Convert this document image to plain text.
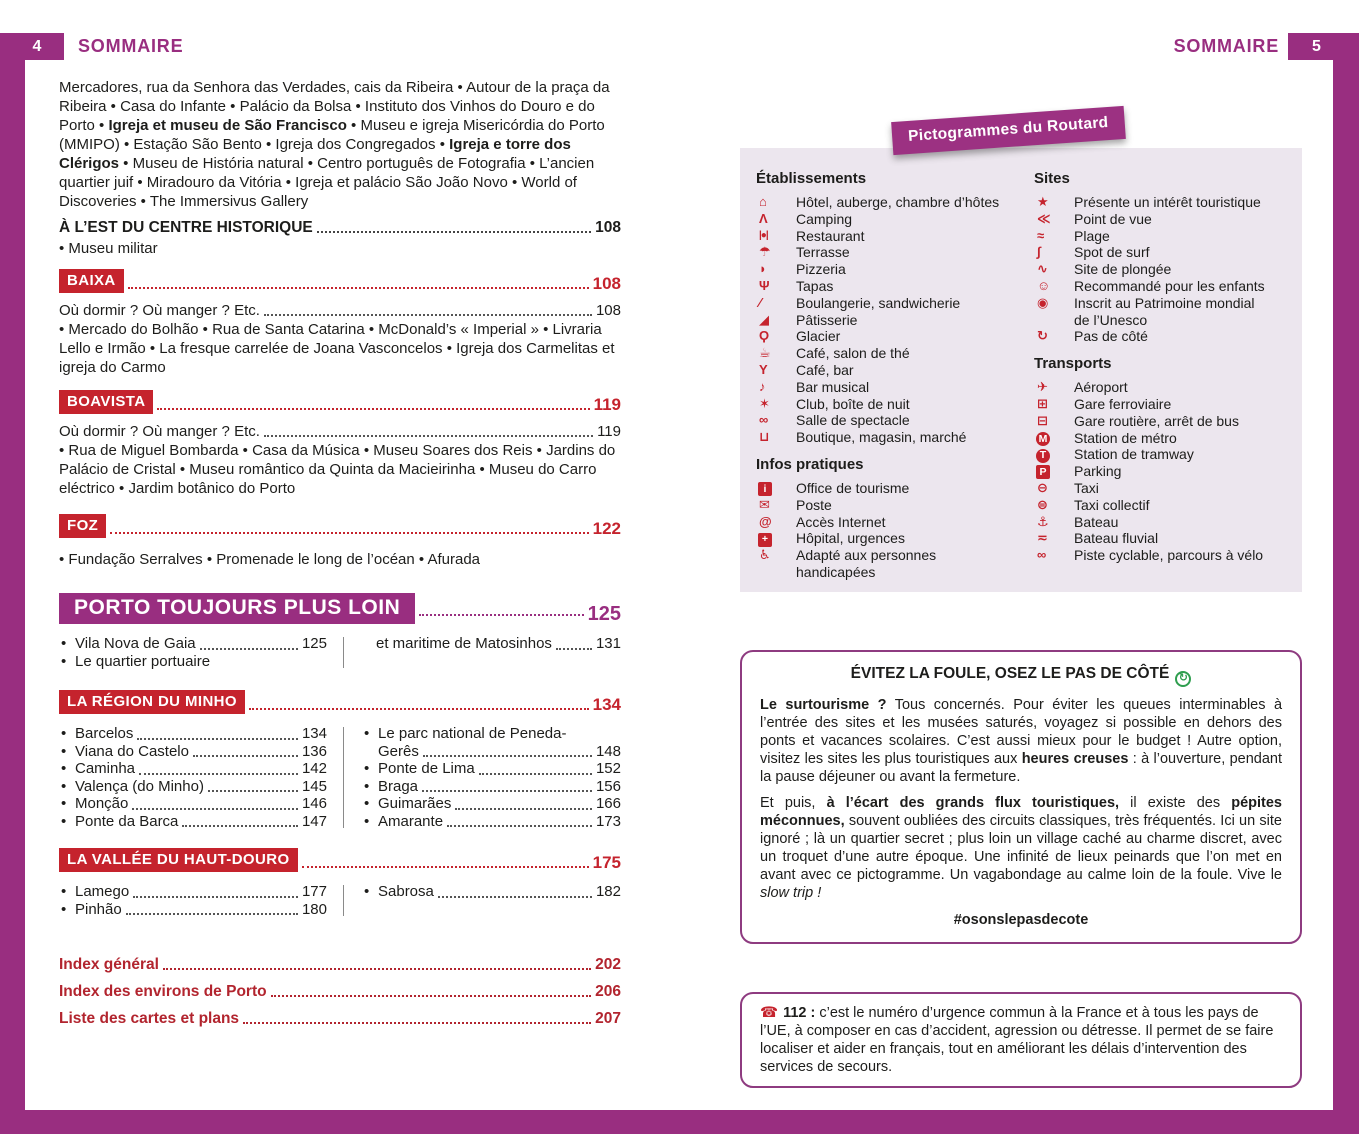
4	5
SOMMAIRE	SOMMAIRE

Mercadores, rua da Senhora das Verdades, cais da Ribeira • Autour de la praça da Ribeira • Casa do Infante • Palácio da Bolsa • Instituto dos Vinhos do Douro e do Porto • Igreja et museu de São Francisco • Museu e igreja Misericórdia do Porto (MMIPO) • Estação São Bento • Igreja dos Congregados • Igreja e torre dos Clérigos • Museu de História natural • Centro português de Fotografia • L’ancien quartier juif • Miradouro da Vitória • Igreja et palácio São João Novo • World of Discoveries • The Immersivus Gallery

À L’EST DU CENTRE HISTORIQUE	108
• Museu militar
BAIXA	108
Où dormir ? Où manger ? Etc.	108

• Mercado do Bolhão • Rua de Santa Catarina • McDonald’s « Imperial » • Livraria Lello e Irmão • La fresque carrelée de Joana Vasconcelos • Igreja dos Carmelitas et igreja do Carmo

BOAVISTA	119
Où dormir ? Où manger ? Etc.	119

• Rua de Miguel Bombarda • Casa da Música • Museu Soares dos Reis • Jardins do Palácio de Cristal • Museu romântico da Quinta da Macieirinha • Museu do Carro eléctrico • Jardim botânico do Porto

FOZ	122

• Fundação Serralves • Promenade le long de l’océan • Afurada

PORTO TOUJOURS PLUS LOIN	125
• Vila Nova de Gaia	125
• Le quartier portuaire
et maritime de Matosinhos	131
LA RÉGION DU MINHO	134
• Barcelos	134
• Viana do Castelo	136
• Caminha	142
• Valença (do Minho)	145
• Monção	146
• Ponte da Barca	147
• Le parc national de Peneda-
Gerês	148
• Ponte de Lima	152
• Braga	156
• Guimarães	166
• Amarante	173
LA VALLÉE DU HAUT-DOURO	175
• Lamego	177
• Pinhão	180
• Sabrosa	182
Index général	202
Index des environs de Porto	206
Liste des cartes et plans	207
Pictogrammes du Routard
Établissements
⌂	Hôtel, auberge, chambre d’hôtes
Λ	Camping
|●|	Restaurant
☂	Terrasse
◗	Pizzeria
Ψ	Tapas
⁄	Boulangerie, sandwicherie
◢	Pâtisserie
Ϙ	Glacier
☕	Café, salon de thé
Y	Café, bar
♪	Bar musical
✶	Club, boîte de nuit
∞	Salle de spectacle
⊔	Boutique, magasin, marché
Infos pratiques
i	Office de tourisme
✉	Poste
@	Accès Internet
+	Hôpital, urgences
♿	Adapté aux personnes handicapées
Sites
★	Présente un intérêt touristique
≪	Point de vue
≈	Plage
∫	Spot de surf
∿	Site de plongée
☺	Recommandé pour les enfants
◉	Inscrit au Patrimoine mondial de l’Unesco
↻	Pas de côté
Transports
✈	Aéroport
⊞	Gare ferroviaire
⊟	Gare routière, arrêt de bus
M	Station de métro
T	Station de tramway
P	Parking
⊖	Taxi
⊜	Taxi collectif
⚓	Bateau
≂	Bateau fluvial
∞	Piste cyclable, parcours à vélo
ÉVITEZ LA FOULE, OSEZ LE PAS DE CÔTÉ ↻

Le surtourisme ? Tous concernés. Pour éviter les queues interminables à l’entrée des sites et les musées saturés, voyagez si possible en dehors des ponts et vacances scolaires. C’est aussi mieux pour le budget ! Autre option, visitez les sites les plus touristiques aux heures creuses : à l’ouverture, pendant la pause déjeuner ou avant la fermeture.

Et puis, à l’écart des grands flux touristiques, il existe des pépites méconnues, souvent oubliées des circuits classiques, très fréquentés. Ici un site ignoré ; là un quartier secret ; plus loin un village caché au charme discret, avec un troquet d’une autre époque. Une infinité de lieux peinards que l’on met en avant avec ce pictogramme. Un vagabondage au calme loin de la foule. Vive le slow trip !

#osonslepasdecote
☎ 112 : c’est le numéro d’urgence commun à la France et à tous les pays de l’UE, à composer en cas d’accident, agression ou détresse. Il permet de se faire localiser et aider en français, tout en améliorant les délais d’intervention des services de secours.
